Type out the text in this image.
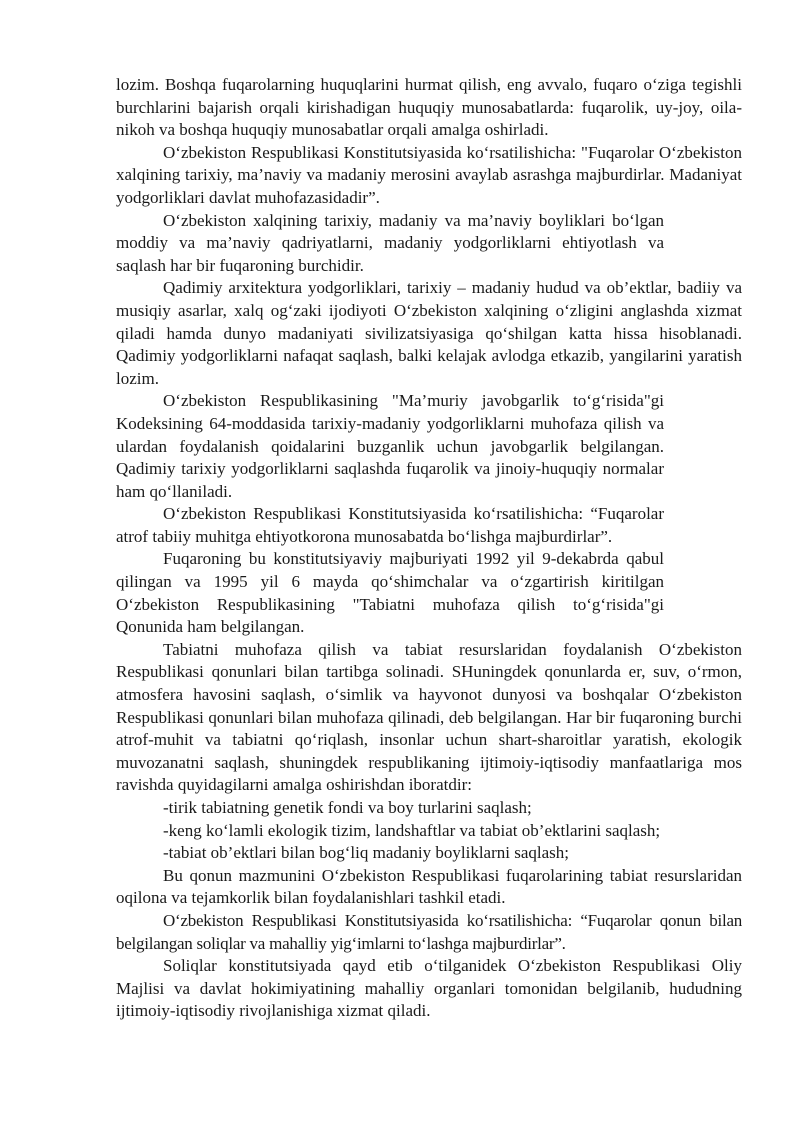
lozim. Boshqa fuqarolarning huquqlarini hurmat qilish, eng avvalo, fuqaro o‘ziga tegishli burchlarini bajarish orqali kirishadigan huquqiy munosabatlarda: fuqarolik, uy-joy, oila-nikoh va boshqa huquqiy munosabatlar orqali amalga oshirladi.

O‘zbekiston Respublikasi Konstitutsiyasida ko‘rsatilishicha: "Fuqarolar O‘zbekiston xalqining tarixiy, ma’naviy va madaniy merosini avaylab asrashga majburdirlar. Madaniyat yodgorliklari davlat muhofazasidadir”.

O‘zbekiston xalqining tarixiy, madaniy va ma’naviy boyliklari bo‘lgan moddiy va ma’naviy qadriyatlarni, madaniy yodgorliklarni ehtiyotlash va saqlash har bir fuqaroning burchidir.

Qadimiy arxitektura yodgorliklari, tarixiy – madaniy hudud va ob’ektlar, badiiy va musiqiy asarlar, xalq og‘zaki ijodiyoti O‘zbekiston xalqining o‘zligini anglashda xizmat qiladi hamda dunyo madaniyati sivilizatsiyasiga qo‘shilgan katta hissa hisoblanadi. Qadimiy yodgorliklarni nafaqat saqlash, balki kelajak avlodga etkazib, yangilarini yaratish lozim.

O‘zbekiston Respublikasining "Ma’muriy javobgarlik to‘g‘risida"gi Kodeksining 64-moddasida tarixiy-madaniy yodgorliklarni muhofaza qilish va ulardan foydalanish qoidalarini buzganlik uchun javobgarlik belgilangan. Qadimiy tarixiy yodgorliklarni saqlashda fuqarolik va jinoiy-huquqiy normalar ham qo‘llaniladi.

O‘zbekiston Respublikasi Konstitutsiyasida ko‘rsatilishicha: “Fuqarolar atrof tabiiy muhitga ehtiyotkorona munosabatda bo‘lishga majburdirlar”.

Fuqaroning bu konstitutsiyaviy majburiyati 1992 yil 9-dekabrda qabul qilingan va 1995 yil 6 mayda qo‘shimchalar va o‘zgartirish kiritilgan O‘zbekiston Respublikasining "Tabiatni muhofaza qilish to‘g‘risida"gi Qonunida ham belgilangan.

Tabiatni muhofaza qilish va tabiat resurslaridan foydalanish O‘zbekiston Respublikasi qonunlari bilan tartibga solinadi. SHuningdek qonunlarda er, suv, o‘rmon, atmosfera havosini saqlash, o‘simlik va hayvonot dunyosi va boshqalar O‘zbekiston Respublikasi qonunlari bilan muhofaza qilinadi, deb belgilangan. Har bir fuqaroning burchi atrof-muhit va tabiatni qo‘riqlash, insonlar uchun shart-sharoitlar yaratish, ekologik muvozanatni saqlash, shuningdek respublikaning ijtimoiy-iqtisodiy manfaatlariga mos ravishda quyidagilarni amalga oshirishdan iboratdir:

-tirik tabiatning genetik fondi va boy turlarini saqlash;

-keng ko‘lamli ekologik tizim, landshaftlar va tabiat ob’ektlarini saqlash;

-tabiat ob’ektlari bilan bog‘liq madaniy boyliklarni saqlash;

Bu qonun mazmunini O‘zbekiston Respublikasi fuqarolarining tabiat resurslaridan oqilona va tejamkorlik bilan foydalanishlari tashkil etadi.

O‘zbekiston Respublikasi Konstitutsiyasida ko‘rsatilishicha: “Fuqarolar qonun bilan belgilangan soliqlar va mahalliy yig‘imlarni to‘lashga majburdirlar”.

Soliqlar konstitutsiyada qayd etib o‘tilganidek O‘zbekiston Respublikasi Oliy Majlisi va davlat hokimiyatining mahalliy organlari tomonidan belgilanib, hududning ijtimoiy-iqtisodiy rivojlanishiga xizmat qiladi.
